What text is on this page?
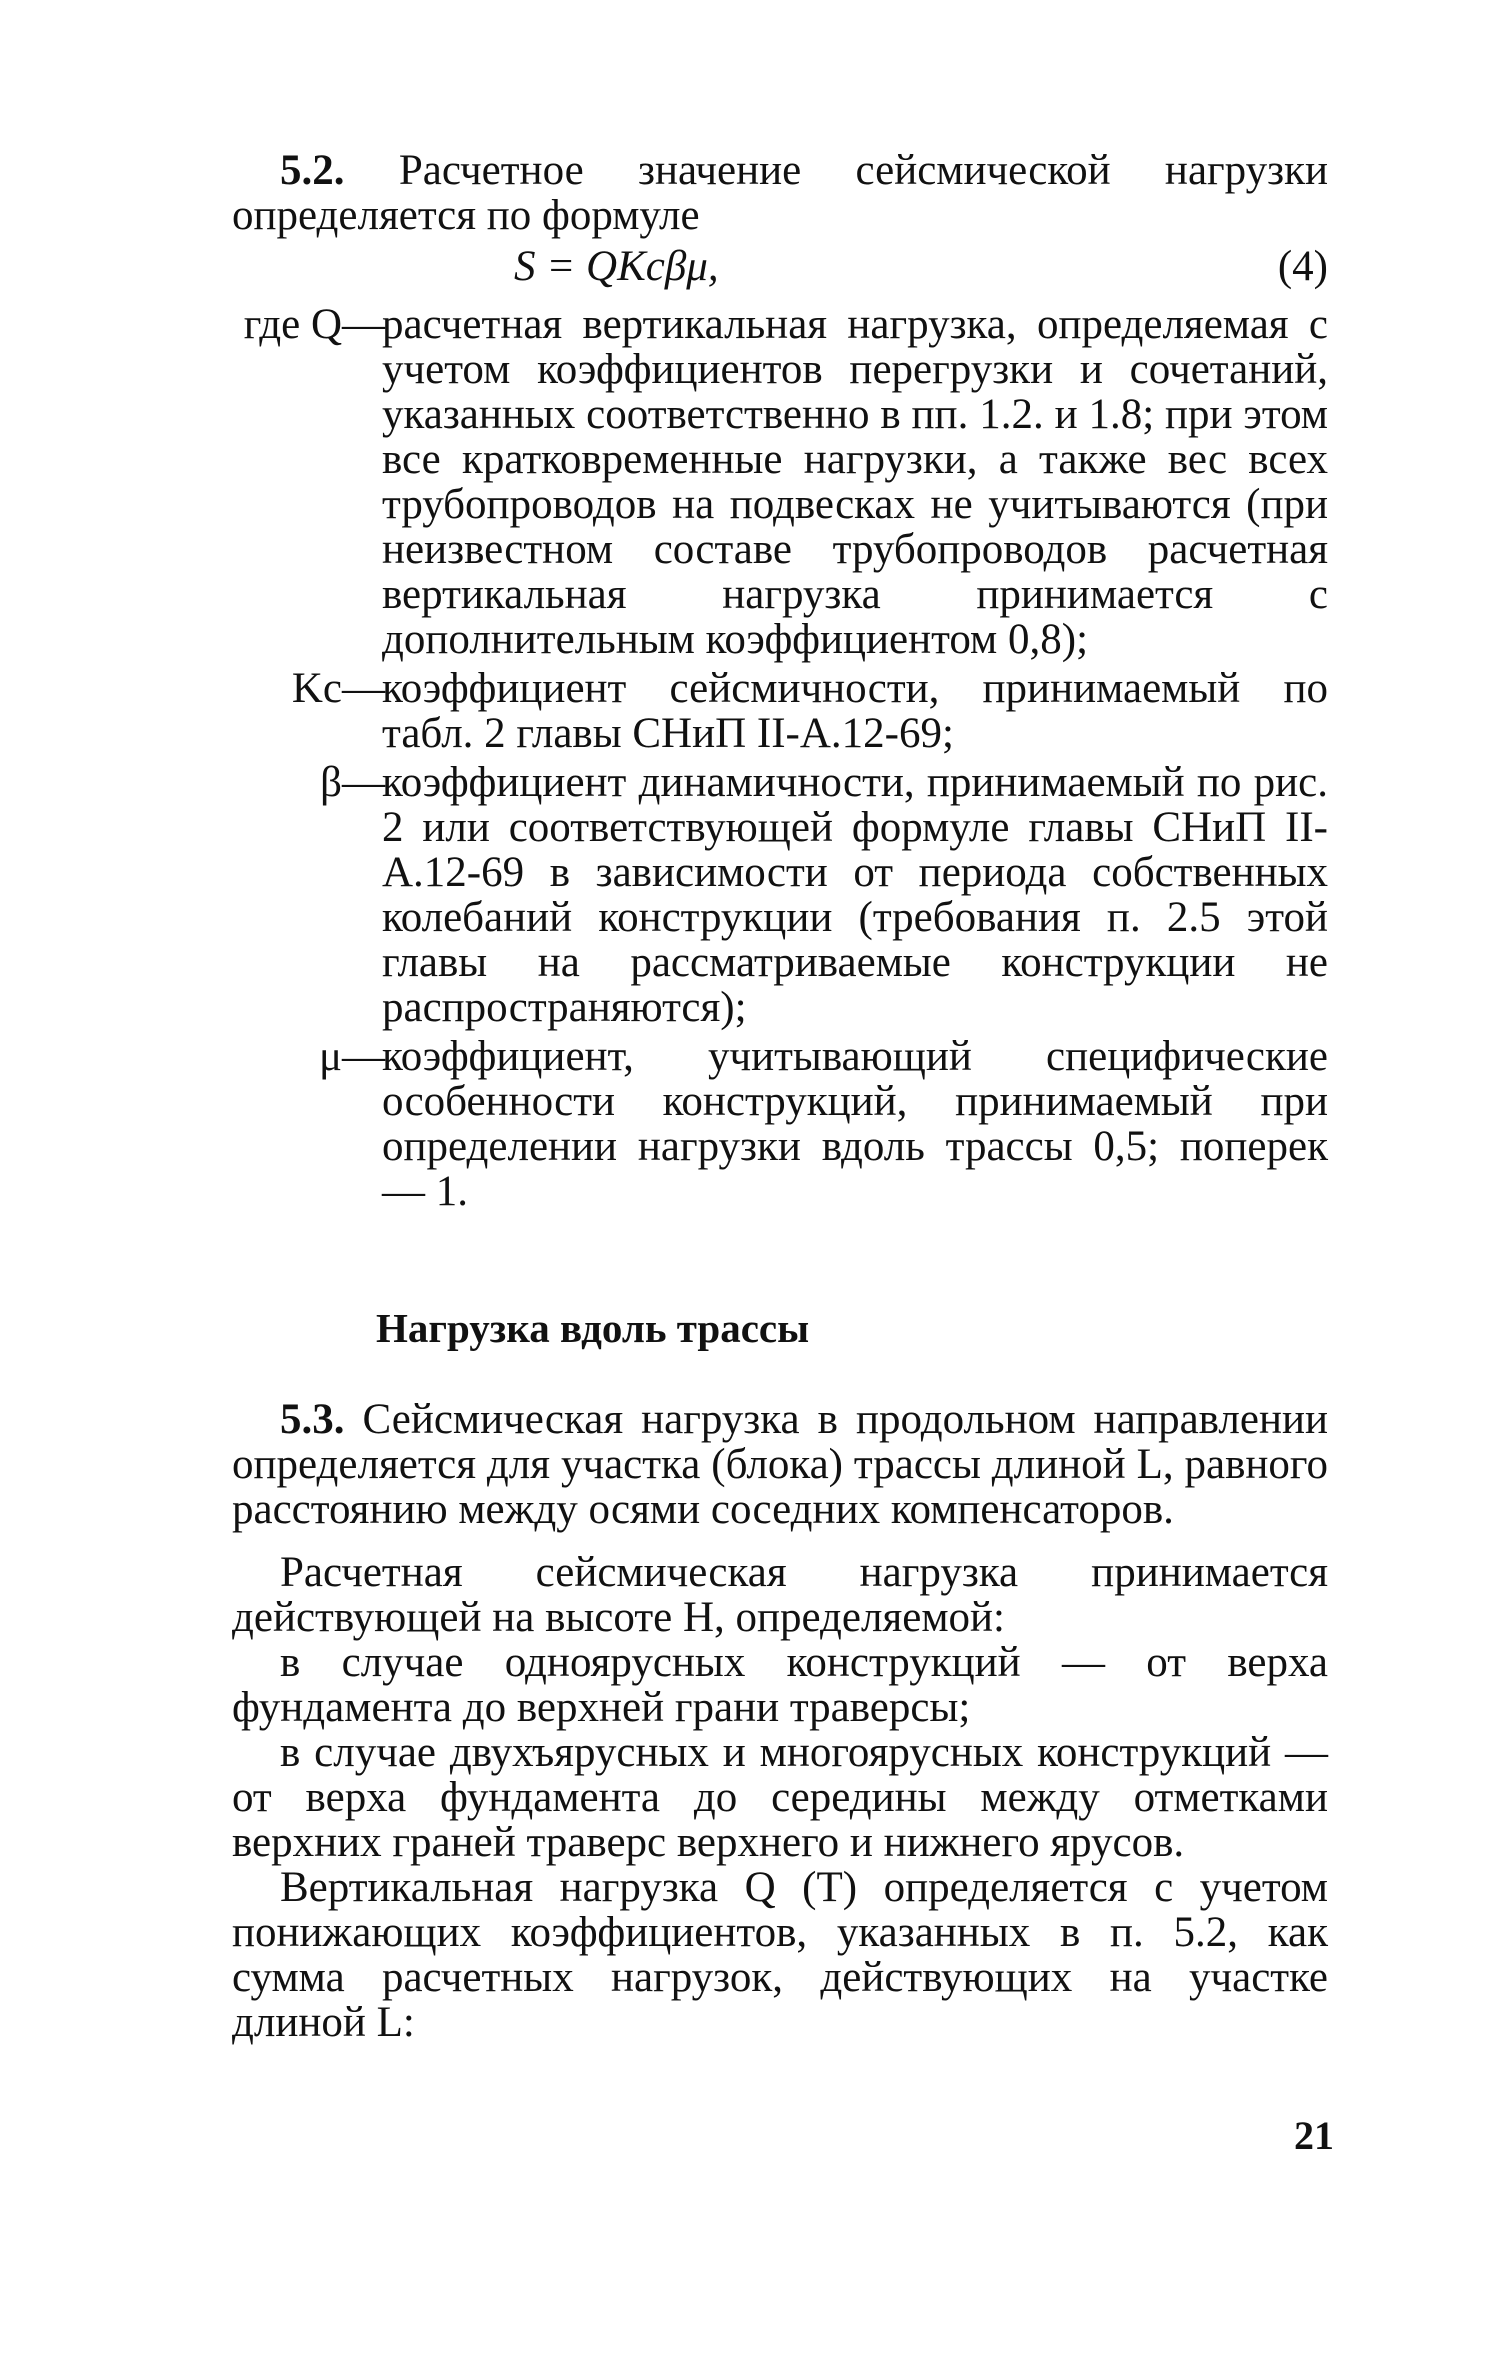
5.2. Расчетное значение сейсмической нагрузки определяется по формуле

S = QKcβμ,	(4)
где Q —
расчетная вертикальная нагрузка, определяемая с учетом коэффициентов перегрузки и сочетаний, указанных соответственно в пп. 1.2. и 1.8; при этом все кратковременные нагрузки, а также вес всех трубопроводов на подвесках не учитываются (при неизвестном составе трубопроводов расчетная вертикальная нагрузка принимается с дополнительным коэффициентом 0,8);
Kс —
коэффициент сейсмичности, принимаемый по табл. 2 главы СНиП II-А.12-69;
β —
коэффициент динамичности, принимаемый по рис. 2 или соответствующей формуле главы СНиП II-А.12-69 в зависимости от периода собственных колебаний конструкции (требования п. 2.5 этой главы на рассматриваемые конструкции не распространяются);
μ —
коэффициент, учитывающий специфические особенности конструкций, принимаемый при определении нагрузки вдоль трассы 0,5; поперек — 1.
Нагрузка вдоль трассы

5.3. Сейсмическая нагрузка в продольном направлении определяется для участка (блока) трассы длиной L, равного расстоянию между осями соседних компенсаторов.

Расчетная сейсмическая нагрузка принимается действующей на высоте H, определяемой:

в случае одноярусных конструкций — от верха фундамента до верхней грани траверсы;

в случае двухъярусных и многоярусных конструкций — от верха фундамента до середины между отметками верхних граней траверс верхнего и нижнего ярусов.

Вертикальная нагрузка Q (T) определяется с учетом понижающих коэффициентов, указанных в п. 5.2, как сумма расчетных нагрузок, действующих на участке длиной L:

21
